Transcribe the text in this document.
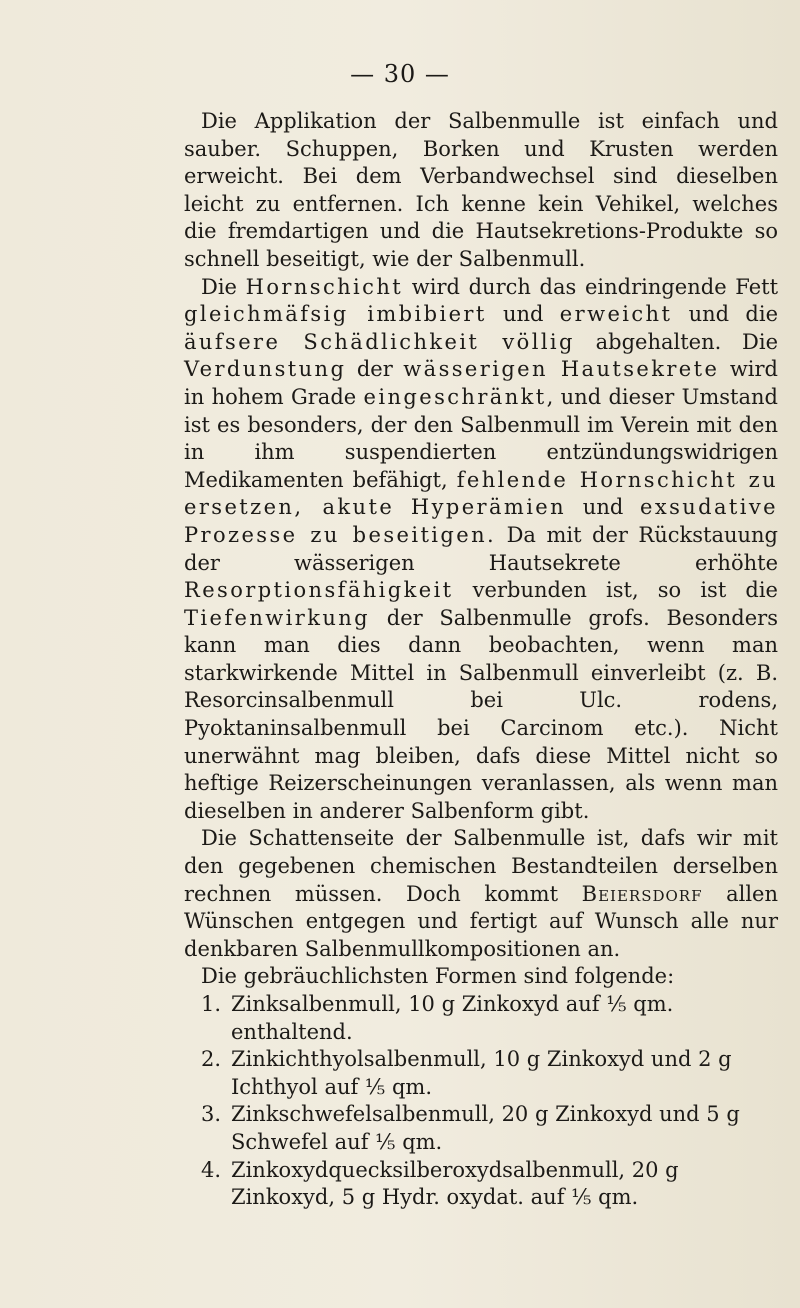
— 30 —

Die Applikation der Salbenmulle ist einfach und sauber. Schuppen, Borken und Krusten werden erweicht. Bei dem Verbandwechsel sind dieselben leicht zu entfernen. Ich kenne kein Vehikel, welches die fremdartigen und die Hautsekretions-Produkte so schnell beseitigt, wie der Salbenmull.

Die Hornschicht wird durch das eindringende Fett gleichmäfsig imbibiert und erweicht und die äufsere Schädlichkeit völlig abgehalten. Die Verdunstung der wässerigen Hautsekrete wird in hohem Grade eingeschränkt, und dieser Umstand ist es besonders, der den Salbenmull im Verein mit den in ihm suspendierten entzündungswidrigen Medikamenten befähigt, fehlende Hornschicht zu ersetzen, akute Hyperämien und exsudative Prozesse zu beseitigen. Da mit der Rückstauung der wässerigen Hautsekrete erhöhte Resorptionsfähigkeit verbunden ist, so ist die Tiefenwirkung der Salbenmulle grofs. Besonders kann man dies dann beobachten, wenn man starkwirkende Mittel in Salbenmull einverleibt (z. B. Resorcinsalbenmull bei Ulc. rodens, Pyoktaninsalbenmull bei Carcinom etc.). Nicht unerwähnt mag bleiben, dafs diese Mittel nicht so heftige Reizerscheinungen veranlassen, als wenn man dieselben in anderer Salbenform gibt.

Die Schattenseite der Salbenmulle ist, dafs wir mit den gegebenen chemischen Bestandteilen derselben rechnen müssen. Doch kommt Beiersdorf allen Wünschen entgegen und fertigt auf Wunsch alle nur denkbaren Salbenmullkompositionen an.

Die gebräuchlichsten Formen sind folgende:

1. Zinksalbenmull, 10 g Zinkoxyd auf ⅕ qm. enthaltend.
2. Zinkichthyolsalbenmull, 10 g Zinkoxyd und 2 g Ichthyol auf ⅕ qm.
3. Zinkschwefelsalbenmull, 20 g Zinkoxyd und 5 g Schwefel auf ⅕ qm.
4. Zinkoxydquecksilberoxydsalbenmull, 20 g Zinkoxyd, 5 g Hydr. oxydat. auf ⅕ qm.
